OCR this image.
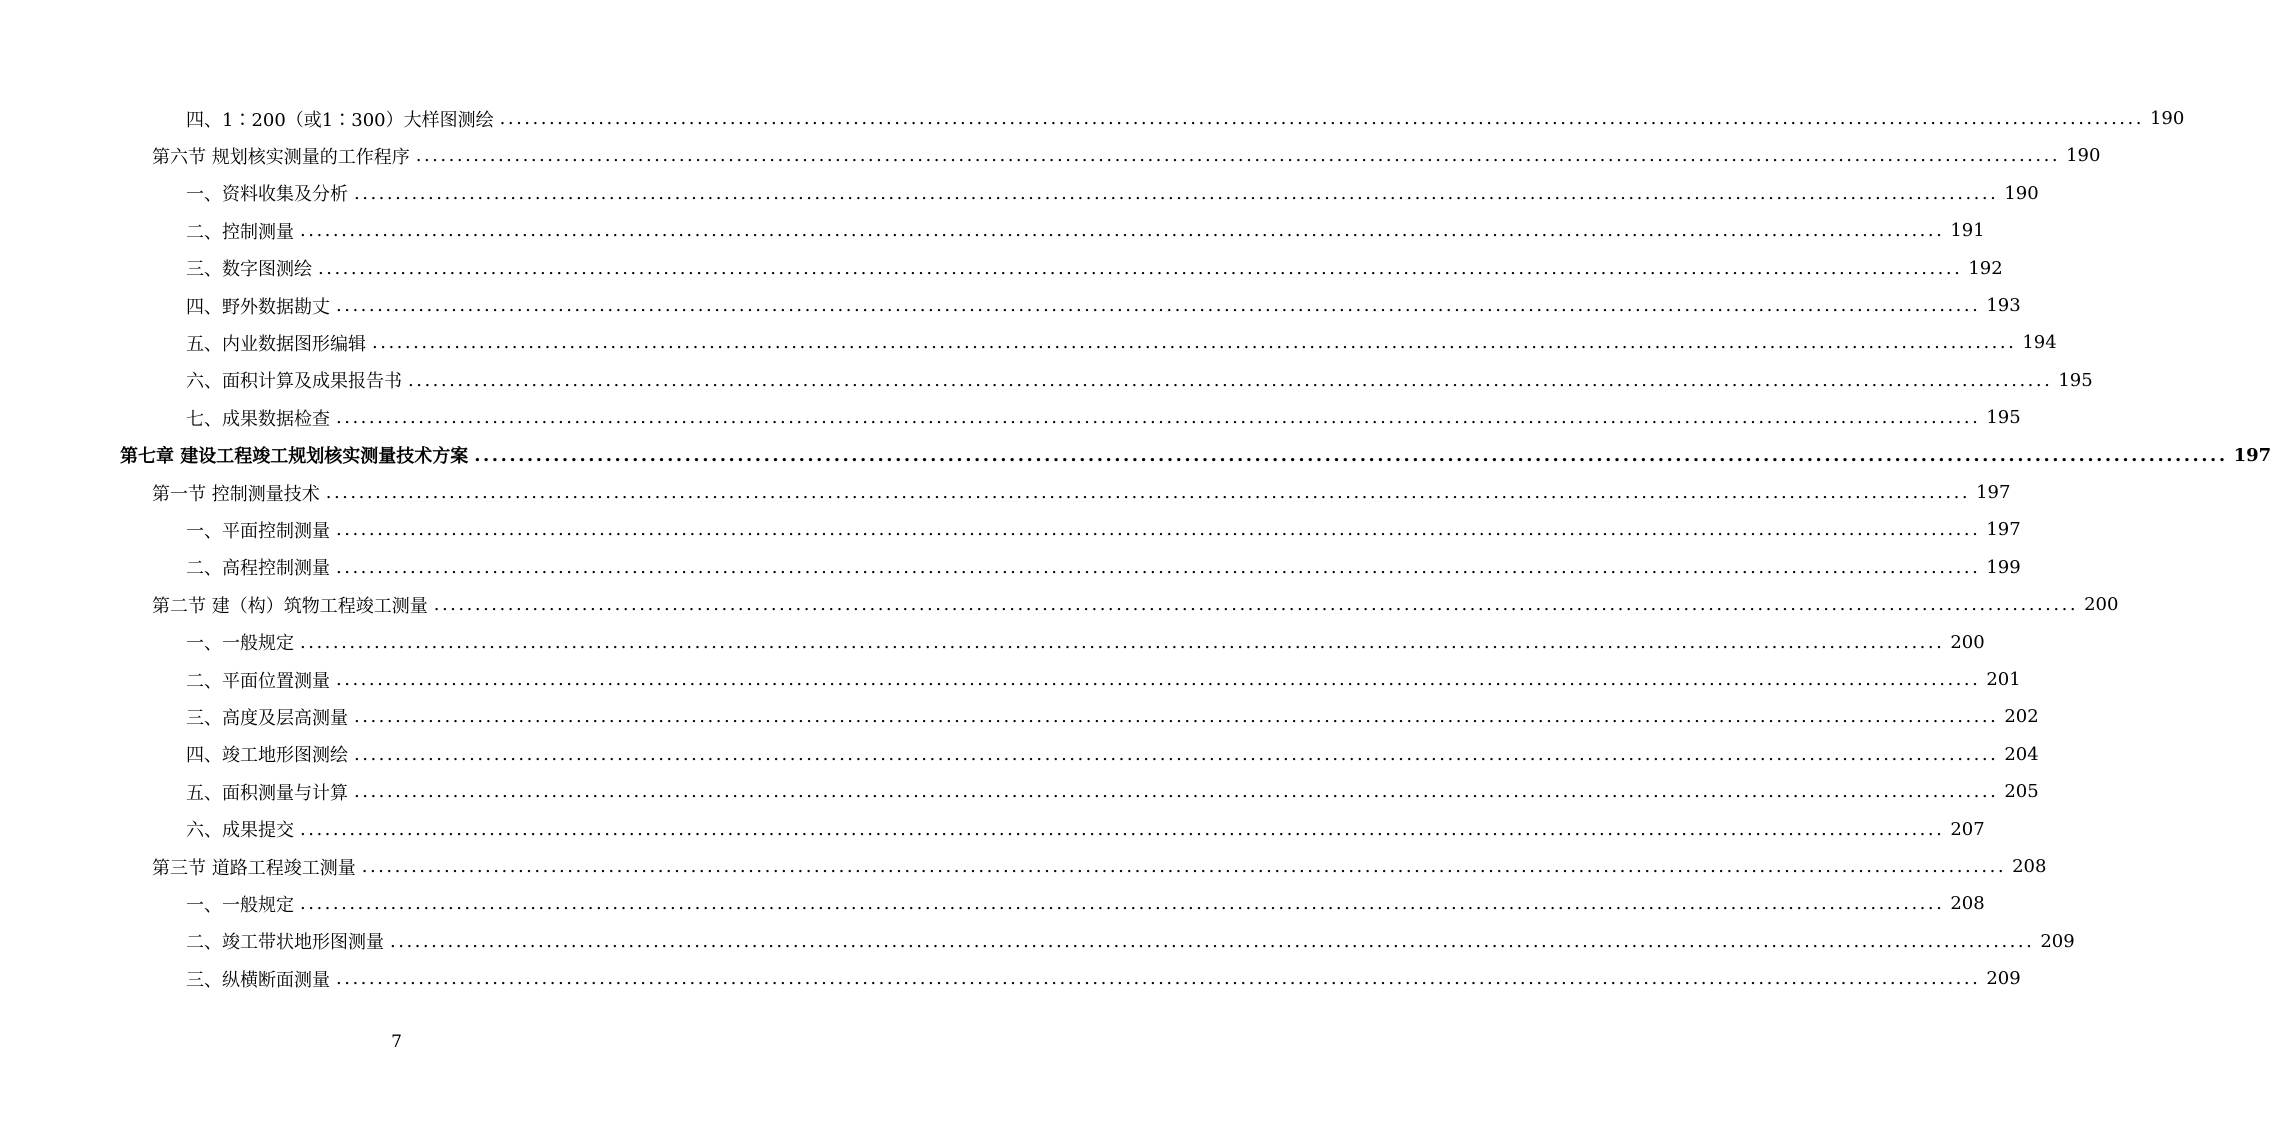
四、1∶200（或1∶300）大样图测绘 ........................................................................................................................................................................................................ 190
第六节 规划核实测量的工作程序 ........................................................................................................................................................................................................ 190
一、资料收集及分析 ........................................................................................................................................................................................................ 190
二、控制测量 ........................................................................................................................................................................................................ 191
三、数字图测绘 ........................................................................................................................................................................................................ 192
四、野外数据勘丈 ........................................................................................................................................................................................................ 193
五、内业数据图形编辑 ........................................................................................................................................................................................................ 194
六、面积计算及成果报告书 ........................................................................................................................................................................................................ 195
七、成果数据检查 ........................................................................................................................................................................................................ 195
第七章 建设工程竣工规划核实测量技术方案 ........................................................................................................................................................................................................ 197
第一节 控制测量技术 ........................................................................................................................................................................................................ 197
一、平面控制测量 ........................................................................................................................................................................................................ 197
二、高程控制测量 ........................................................................................................................................................................................................ 199
第二节 建（构）筑物工程竣工测量 ........................................................................................................................................................................................................ 200
一、一般规定 ........................................................................................................................................................................................................ 200
二、平面位置测量 ........................................................................................................................................................................................................ 201
三、高度及层高测量 ........................................................................................................................................................................................................ 202
四、竣工地形图测绘 ........................................................................................................................................................................................................ 204
五、面积测量与计算 ........................................................................................................................................................................................................ 205
六、成果提交 ........................................................................................................................................................................................................ 207
第三节 道路工程竣工测量 ........................................................................................................................................................................................................ 208
一、一般规定 ........................................................................................................................................................................................................ 208
二、竣工带状地形图测量 ........................................................................................................................................................................................................ 209
三、纵横断面测量 ........................................................................................................................................................................................................ 209
7
